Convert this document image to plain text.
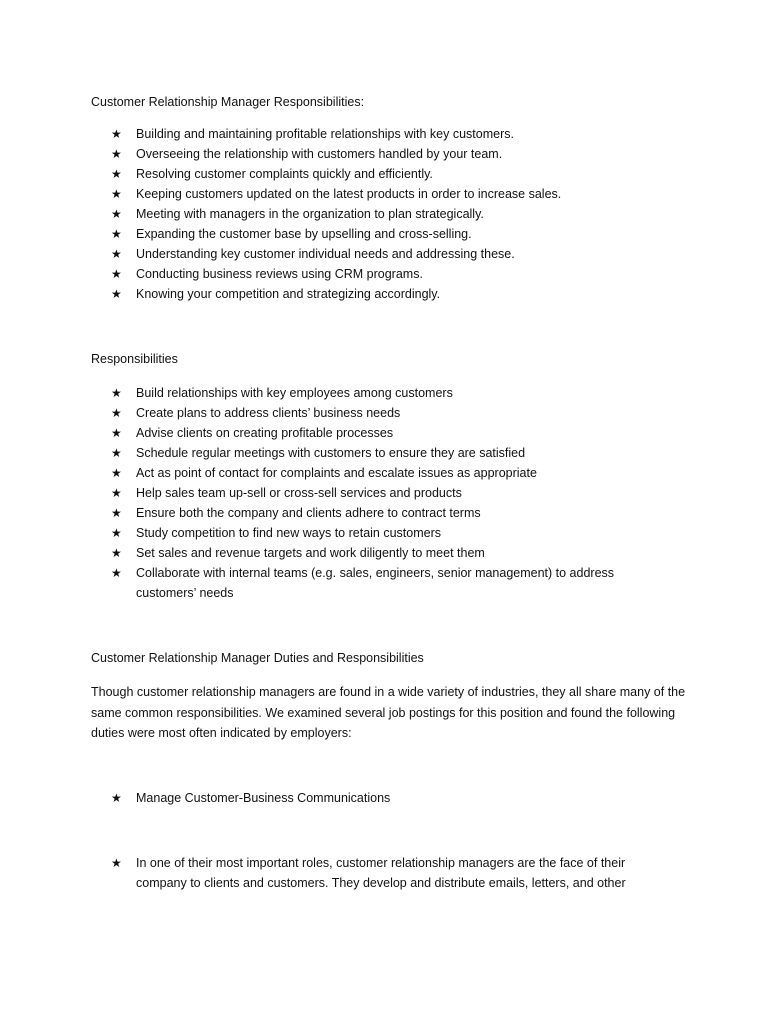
Customer Relationship Manager Responsibilities:
★ Building and maintaining profitable relationships with key customers.
★ Overseeing the relationship with customers handled by your team.
★ Resolving customer complaints quickly and efficiently.
★ Keeping customers updated on the latest products in order to increase sales.
★ Meeting with managers in the organization to plan strategically.
★ Expanding the customer base by upselling and cross-selling.
★ Understanding key customer individual needs and addressing these.
★ Conducting business reviews using CRM programs.
★ Knowing your competition and strategizing accordingly.
Responsibilities
★ Build relationships with key employees among customers
★ Create plans to address clients’ business needs
★ Advise clients on creating profitable processes
★ Schedule regular meetings with customers to ensure they are satisfied
★ Act as point of contact for complaints and escalate issues as appropriate
★ Help sales team up-sell or cross-sell services and products
★ Ensure both the company and clients adhere to contract terms
★ Study competition to find new ways to retain customers
★ Set sales and revenue targets and work diligently to meet them
★ Collaborate with internal teams (e.g. sales, engineers, senior management) to address customers’ needs
Customer Relationship Manager Duties and Responsibilities

Though customer relationship managers are found in a wide variety of industries, they all share many of the same common responsibilities. We examined several job postings for this position and found the following duties were most often indicated by employers:

★ Manage Customer-Business Communications
★ In one of their most important roles, customer relationship managers are the face of their company to clients and customers. They develop and distribute emails, letters, and other
